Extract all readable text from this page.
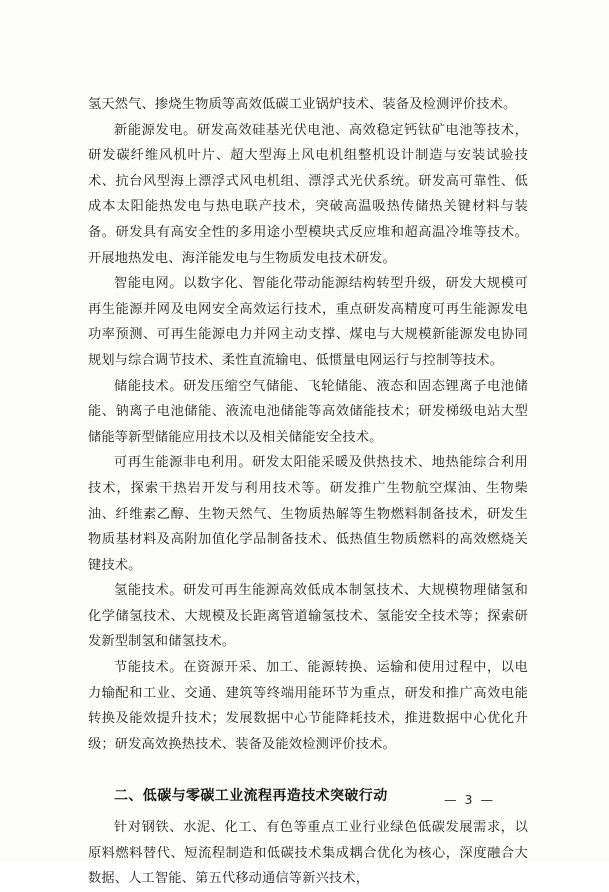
氢天然气、掺烧生物质等高效低碳工业锅炉技术、装备及检测评价技术。

新能源发电。研发高效硅基光伏电池、高效稳定钙钛矿电池等技术，研发碳纤维风机叶片、超大型海上风电机组整机设计制造与安装试验技术、抗台风型海上漂浮式风电机组、漂浮式光伏系统。研发高可靠性、低成本太阳能热发电与热电联产技术，突破高温吸热传储热关键材料与装备。研发具有高安全性的多用途小型模块式反应堆和超高温冷堆等技术。开展地热发电、海洋能发电与生物质发电技术研发。

智能电网。以数字化、智能化带动能源结构转型升级，研发大规模可再生能源并网及电网安全高效运行技术，重点研发高精度可再生能源发电功率预测、可再生能源电力并网主动支撑、煤电与大规模新能源发电协同规划与综合调节技术、柔性直流输电、低惯量电网运行与控制等技术。

储能技术。研发压缩空气储能、飞轮储能、液态和固态锂离子电池储能、钠离子电池储能、液流电池储能等高效储能技术；研发梯级电站大型储能等新型储能应用技术以及相关储能安全技术。

可再生能源非电利用。研发太阳能采暖及供热技术、地热能综合利用技术，探索干热岩开发与利用技术等。研发推广生物航空煤油、生物柴油、纤维素乙醇、生物天然气、生物质热解等生物燃料制备技术，研发生物质基材料及高附加值化学品制备技术、低热值生物质燃料的高效燃烧关键技术。

氢能技术。研发可再生能源高效低成本制氢技术、大规模物理储氢和化学储氢技术、大规模及长距离管道输氢技术、氢能安全技术等；探索研发新型制氢和储氢技术。

节能技术。在资源开采、加工、能源转换、运输和使用过程中，以电力输配和工业、交通、建筑等终端用能环节为重点，研发和推广高效电能转换及能效提升技术；发展数据中心节能降耗技术，推进数据中心优化升级；研发高效换热技术、装备及能效检测评价技术。

二、低碳与零碳工业流程再造技术突破行动

针对钢铁、水泥、化工、有色等重点工业行业绿色低碳发展需求，以原料燃料替代、短流程制造和低碳技术集成耦合优化为核心，深度融合大数据、人工智能、第五代移动通信等新兴技术，

— 3 —
